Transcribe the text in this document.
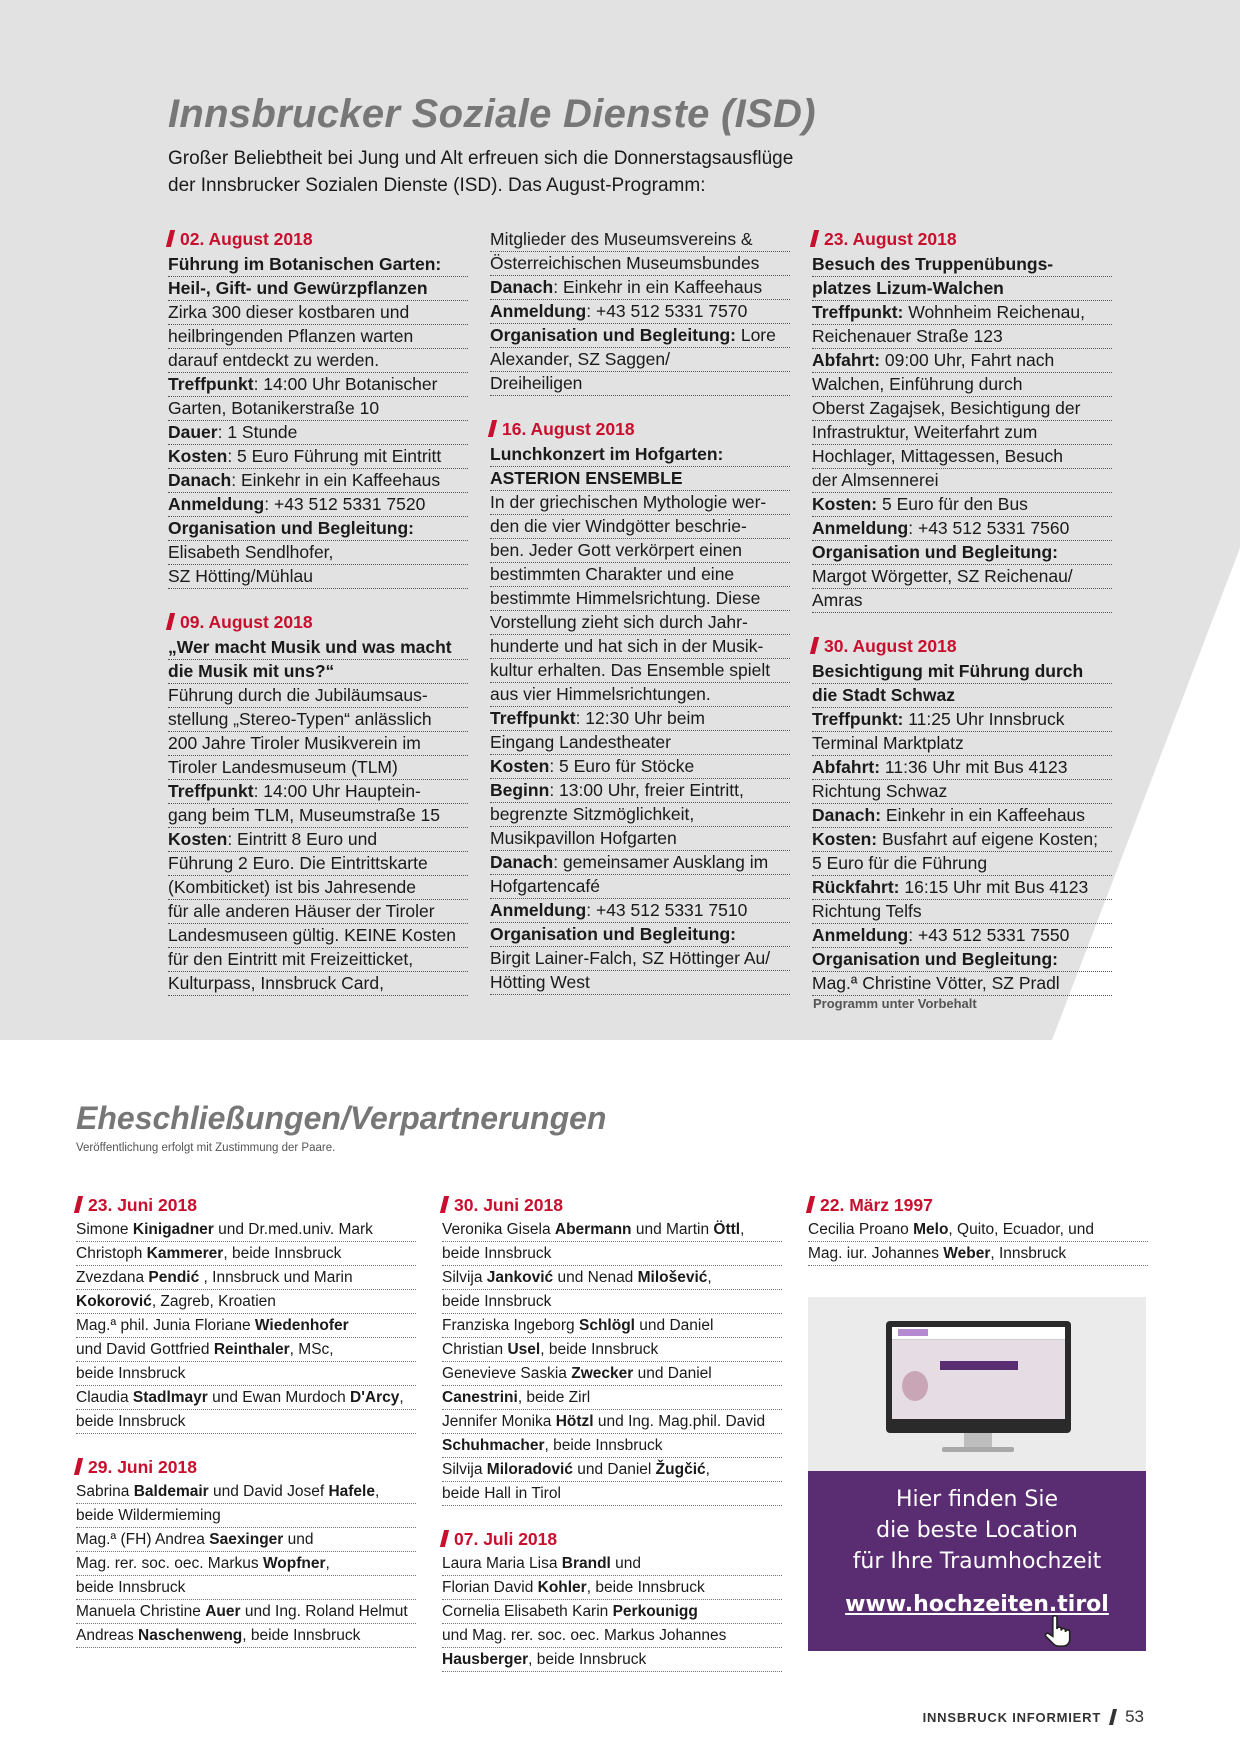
Innsbrucker Soziale Dienste (ISD)
Großer Beliebtheit bei Jung und Alt erfreuen sich die Donnerstagsausflüge
der Innsbrucker Sozialen Dienste (ISD). Das August-Programm:
02. August 2018
Führung im Botanischen Garten:
Heil-, Gift- und Gewürzpflanzen
Zirka 300 dieser kostbaren und
heilbringenden Pflanzen warten
darauf entdeckt zu werden.
Treffpunkt: 14:00 Uhr Botanischer
Garten, Botanikerstraße 10
Dauer: 1 Stunde
Kosten: 5 Euro Führung mit Eintritt
Danach: Einkehr in ein Kaffeehaus
Anmeldung: +43 512 5331 7520
Organisation und Begleitung:
Elisabeth Sendlhofer,
SZ Hötting/Mühlau
09. August 2018
„Wer macht Musik und was macht
die Musik mit uns?“
Führung durch die Jubiläumsaus-
stellung „Stereo-Typen“ anlässlich
200 Jahre Tiroler Musikverein im
Tiroler Landesmuseum (TLM)
Treffpunkt: 14:00 Uhr Hauptein-
gang beim TLM, Museumstraße 15
Kosten: Eintritt 8 Euro und
Führung 2 Euro. Die Eintrittskarte
(Kombiticket) ist bis Jahresende
für alle anderen Häuser der Tiroler
Landesmuseen gültig. KEINE Kosten
für den Eintritt mit Freizeitticket,
Kulturpass, Innsbruck Card,
Mitglieder des Museumsvereins &
Österreichischen Museumsbundes
Danach: Einkehr in ein Kaffeehaus
Anmeldung: +43 512 5331 7570
Organisation und Begleitung: Lore
Alexander, SZ Saggen/
Dreiheiligen
16. August 2018
Lunchkonzert im Hofgarten:
ASTERION ENSEMBLE
In der griechischen Mythologie wer-
den die vier Windgötter beschrie-
ben. Jeder Gott verkörpert einen
bestimmten Charakter und eine
bestimmte Himmelsrichtung. Diese
Vorstellung zieht sich durch Jahr-
hunderte und hat sich in der Musik-
kultur erhalten. Das Ensemble spielt
aus vier Himmelsrichtungen.
Treffpunkt: 12:30 Uhr beim
Eingang Landestheater
Kosten: 5 Euro für Stöcke
Beginn: 13:00 Uhr, freier Eintritt,
begrenzte Sitzmöglichkeit,
Musikpavillon Hofgarten
Danach: gemeinsamer Ausklang im
Hofgartencafé
Anmeldung: +43 512 5331 7510
Organisation und Begleitung:
Birgit Lainer-Falch, SZ Höttinger Au/
Hötting West
23. August 2018
Besuch des Truppenübungs-
platzes Lizum-Walchen
Treffpunkt: Wohnheim Reichenau,
Reichenauer Straße 123
Abfahrt: 09:00 Uhr, Fahrt nach
Walchen, Einführung durch
Oberst Zagajsek, Besichtigung der
Infrastruktur, Weiterfahrt zum
Hochlager, Mittagessen, Besuch
der Almsennerei
Kosten: 5 Euro für den Bus
Anmeldung: +43 512 5331 7560
Organisation und Begleitung:
Margot Wörgetter, SZ Reichenau/
Amras
30. August 2018
Besichtigung mit Führung durch
die Stadt Schwaz
Treffpunkt: 11:25 Uhr Innsbruck
Terminal Marktplatz
Abfahrt: 11:36 Uhr mit Bus 4123
Richtung Schwaz
Danach: Einkehr in ein Kaffeehaus
Kosten: Busfahrt auf eigene Kosten;
5 Euro für die Führung
Rückfahrt: 16:15 Uhr mit Bus 4123
Richtung Telfs
Anmeldung: +43 512 5331 7550
Organisation und Begleitung:
Mag.ª Christine Vötter, SZ Pradl
Programm unter Vorbehalt
Eheschließungen/Verpartnerungen
Veröffentlichung erfolgt mit Zustimmung der Paare.
23. Juni 2018
Simone Kinigadner und Dr.med.univ. Mark
Christoph Kammerer, beide Innsbruck
Zvezdana Pendić , Innsbruck und Marin
Kokorović, Zagreb, Kroatien
Mag.ª phil. Junia Floriane Wiedenhofer
und David Gottfried Reinthaler, MSc,
beide Innsbruck
Claudia Stadlmayr und Ewan Murdoch D'Arcy,
beide Innsbruck
29. Juni 2018
Sabrina Baldemair und David Josef Hafele,
beide Wildermieming
Mag.ª (FH) Andrea Saexinger und
Mag. rer. soc. oec. Markus Wopfner,
beide Innsbruck
Manuela Christine Auer und Ing. Roland Helmut
Andreas Naschenweng, beide Innsbruck
30. Juni 2018
Veronika Gisela Abermann und Martin Öttl,
beide Innsbruck
Silvija Janković und Nenad Milošević,
beide Innsbruck
Franziska Ingeborg Schlögl und Daniel
Christian Usel, beide Innsbruck
Genevieve Saskia Zwecker und Daniel
Canestrini, beide Zirl
Jennifer Monika Hötzl und Ing. Mag.phil. David
Schuhmacher, beide Innsbruck
Silvija Miloradović und Daniel Žugčić,
beide Hall in Tirol
07. Juli 2018
Laura Maria Lisa Brandl und
Florian David Kohler, beide Innsbruck
Cornelia Elisabeth Karin Perkounigg
und Mag. rer. soc. oec. Markus Johannes
Hausberger, beide Innsbruck
22. März 1997
Cecilia Proano Melo, Quito, Ecuador, und
Mag. iur. Johannes Weber, Innsbruck
Hier finden Sie
die beste Location
für Ihre Traumhochzeit
www.hochzeiten.tirol
INNSBRUCK INFORMIERT 53
